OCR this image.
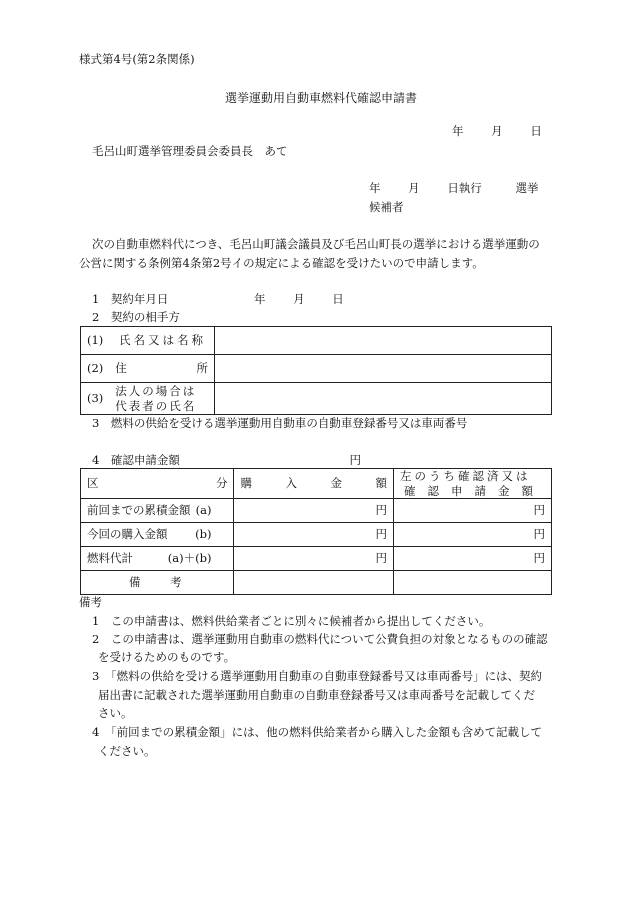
様式第4号(第2条関係)
選挙運動用自動車燃料代確認申請書
年 月 日
毛呂山町選挙管理委員会委員長　あて
年 月 日執行	選挙
候補者
次の自動車燃料代につき、毛呂山町議会議員及び毛呂山町長の選挙における選挙運動の
公営に関する条例第4条第2号イの規定による確認を受けたいので申請します。
1　契約年月日	年 月 日
2　契約の相手方
(1) 氏名又は名称	

(2) 住 所	

(3) 法人の場合は
代表者の氏名	

3　燃料の供給を受ける選挙運動用自動車の自動車登録番号又は車両番号
4　確認申請金額	円
区 分	購 入 金 額	左のうち確認済又は
確認申請金額

前回までの累積金額 (a)	円	円

今回の購入金額 (b)	円	円

燃料代計 (a)＋(b)	円	円
備 考		
備考
1　この申請書は、燃料供給業者ごとに別々に候補者から提出してください。
2　この申請書は、選挙運動用自動車の燃料代について公費負担の対象となるものの確認
を受けるためのものです。
3　「燃料の供給を受ける選挙運動用自動車の自動車登録番号又は車両番号」には、契約
届出書に記載された選挙運動用自動車の自動車登録番号又は車両番号を記載してくだ
さい。
4　「前回までの累積金額」には、他の燃料供給業者から購入した金額も含めて記載して
ください。
